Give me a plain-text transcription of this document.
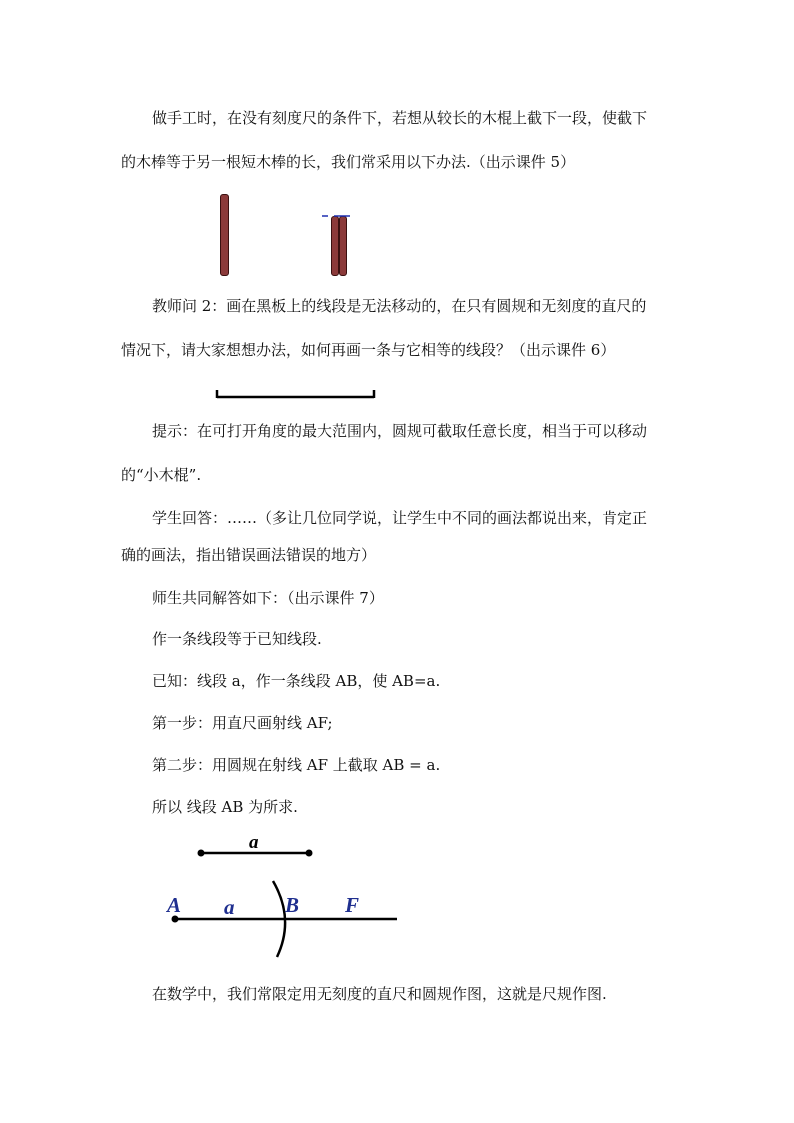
做手工时，在没有刻度尺的条件下，若想从较长的木棍上截下一段，使截下
的木棒等于另一根短木棒的长，我们常采用以下办法.（出示课件 5）
教师问 2：画在黑板上的线段是无法移动的，在只有圆规和无刻度的直尺的
情况下，请大家想想办法，如何再画一条与它相等的线段？（出示课件 6）
提示：在可打开角度的最大范围内，圆规可截取任意长度，相当于可以移动
的“小木棍”.
学生回答：……（多让几位同学说，让学生中不同的画法都说出来，肯定正
确的画法，指出错误画法错误的地方）
师生共同解答如下：（出示课件 7）
作一条线段等于已知线段.
已知：线段 a，作一条线段 AB，使 AB=a.
第一步：用直尺画射线 AF;
第二步：用圆规在射线 AF 上截取 AB = a.
所以 线段 AB 为所求.
a
A a B F
在数学中，我们常限定用无刻度的直尺和圆规作图，这就是尺规作图.
